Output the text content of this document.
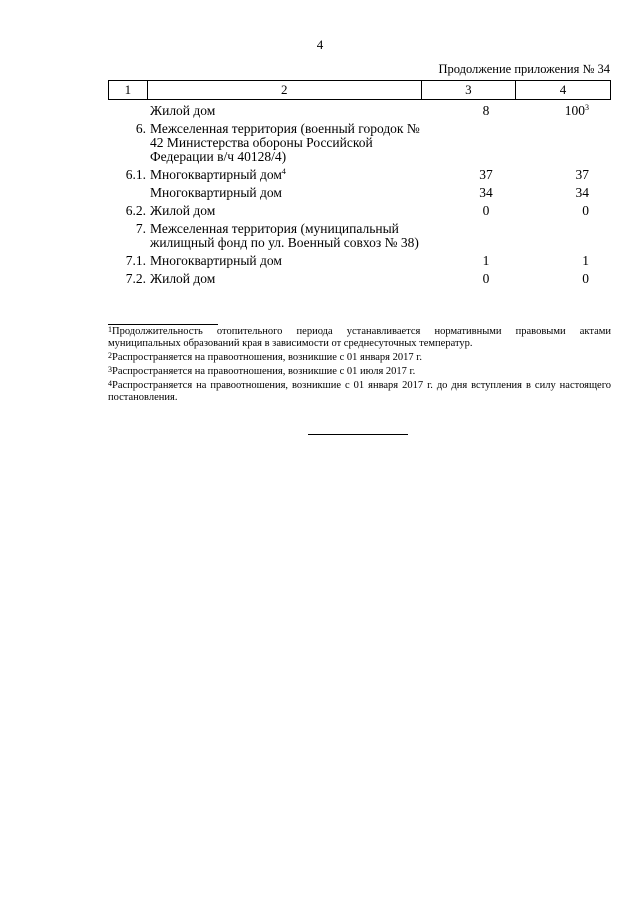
4
Продолжение приложения № 34
1	2	3	4
Жилой дом	8	$100^3$
6. Межселенная территория (военный городок № 42 Министерства обороны Российской Федерации в/ч 40128/4)
6.1. Многоквартирный дом$^4$	37	37
Многоквартирный дом	34	34
6.2. Жилой дом	0	0
7. Межселенная территория (муниципальный жилищный фонд по ул. Военный совхоз № 38)
7.1. Многоквартирный дом	1	1
7.2. Жилой дом	0	0
$^1$Продолжительность отопительного периода устанавливается нормативными правовыми актами муниципальных образований края в зависимости от среднесуточных температур.
$^2$Распространяется на правоотношения, возникшие с 01 января 2017 г.
$^3$Распространяется на правоотношения, возникшие с 01 июля 2017 г.
$^4$Распространяется на правоотношения, возникшие с 01 января 2017 г. до дня вступления в силу настоящего постановления.
